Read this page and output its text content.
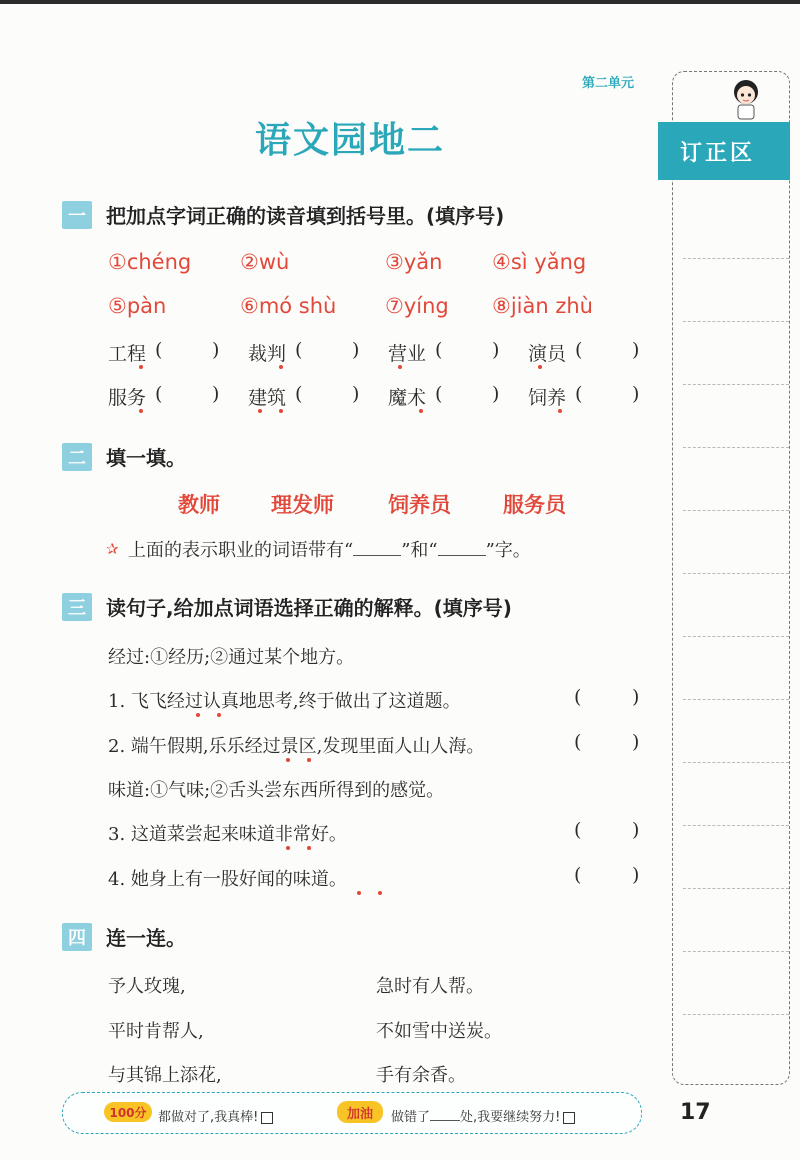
第二单元
语文园地二	订正区
一	把加点字词正确的读音填到括号里。(填序号)
①chéng ②wù	③yǎn ④sì yǎng
⑤pàn	⑥mó shù ⑦yíng ⑧jiàn zhù
工程 (	) 裁判 (	) 营业 (	) 演员 (	)
服务 (	) 建筑 (	) 魔术 (	) 饲养 (	)
二	填一填。
教师 理发师	饲养员 服务员
✰ 上面的表示职业的词语带有“	”和“	”字。
三	读句子,给加点词语选择正确的解释。(填序号)
经过:①经历;②通过某个地方。
1. 飞飞经过认真地思考,终于做出了这道题。	(	)
2. 端午假期,乐乐经过景区,发现里面人山人海。	(	)
味道:①气味;②舌头尝东西所得到的感觉。
3. 这道菜尝起来味道非常好。	(	)
4. 她身上有一股好闻的味道。	(	)
四	连一连。
予人玫瑰,	急时有人帮。
平时肯帮人,	不如雪中送炭。
与其锦上添花,	手有余香。
100分 都做对了,我真棒!	加油	做错了 处,我要继续努力!	17
